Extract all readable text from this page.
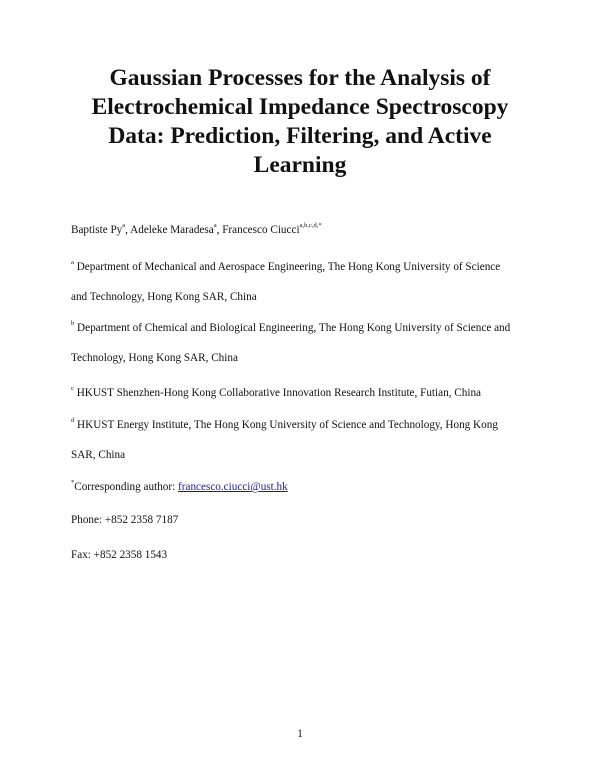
Gaussian Processes for the Analysis of
Electrochemical Impedance Spectroscopy
Data: Prediction, Filtering, and Active
Learning
Baptiste Py$^a$, Adeleke Maradesa$^a$, Francesco Ciucci$^{a,b,c,d,*}$
$^a$ Department of Mechanical and Aerospace Engineering, The Hong Kong University of Science
and Technology, Hong Kong SAR, China
$^b$ Department of Chemical and Biological Engineering, The Hong Kong University of Science and
Technology, Hong Kong SAR, China
$^c$ HKUST Shenzhen-Hong Kong Collaborative Innovation Research Institute, Futian, China
$^d$ HKUST Energy Institute, The Hong Kong University of Science and Technology, Hong Kong
SAR, China
*Corresponding author: francesco.ciucci@ust.hk
Phone: +852 2358 7187
Fax: +852 2358 1543
1
